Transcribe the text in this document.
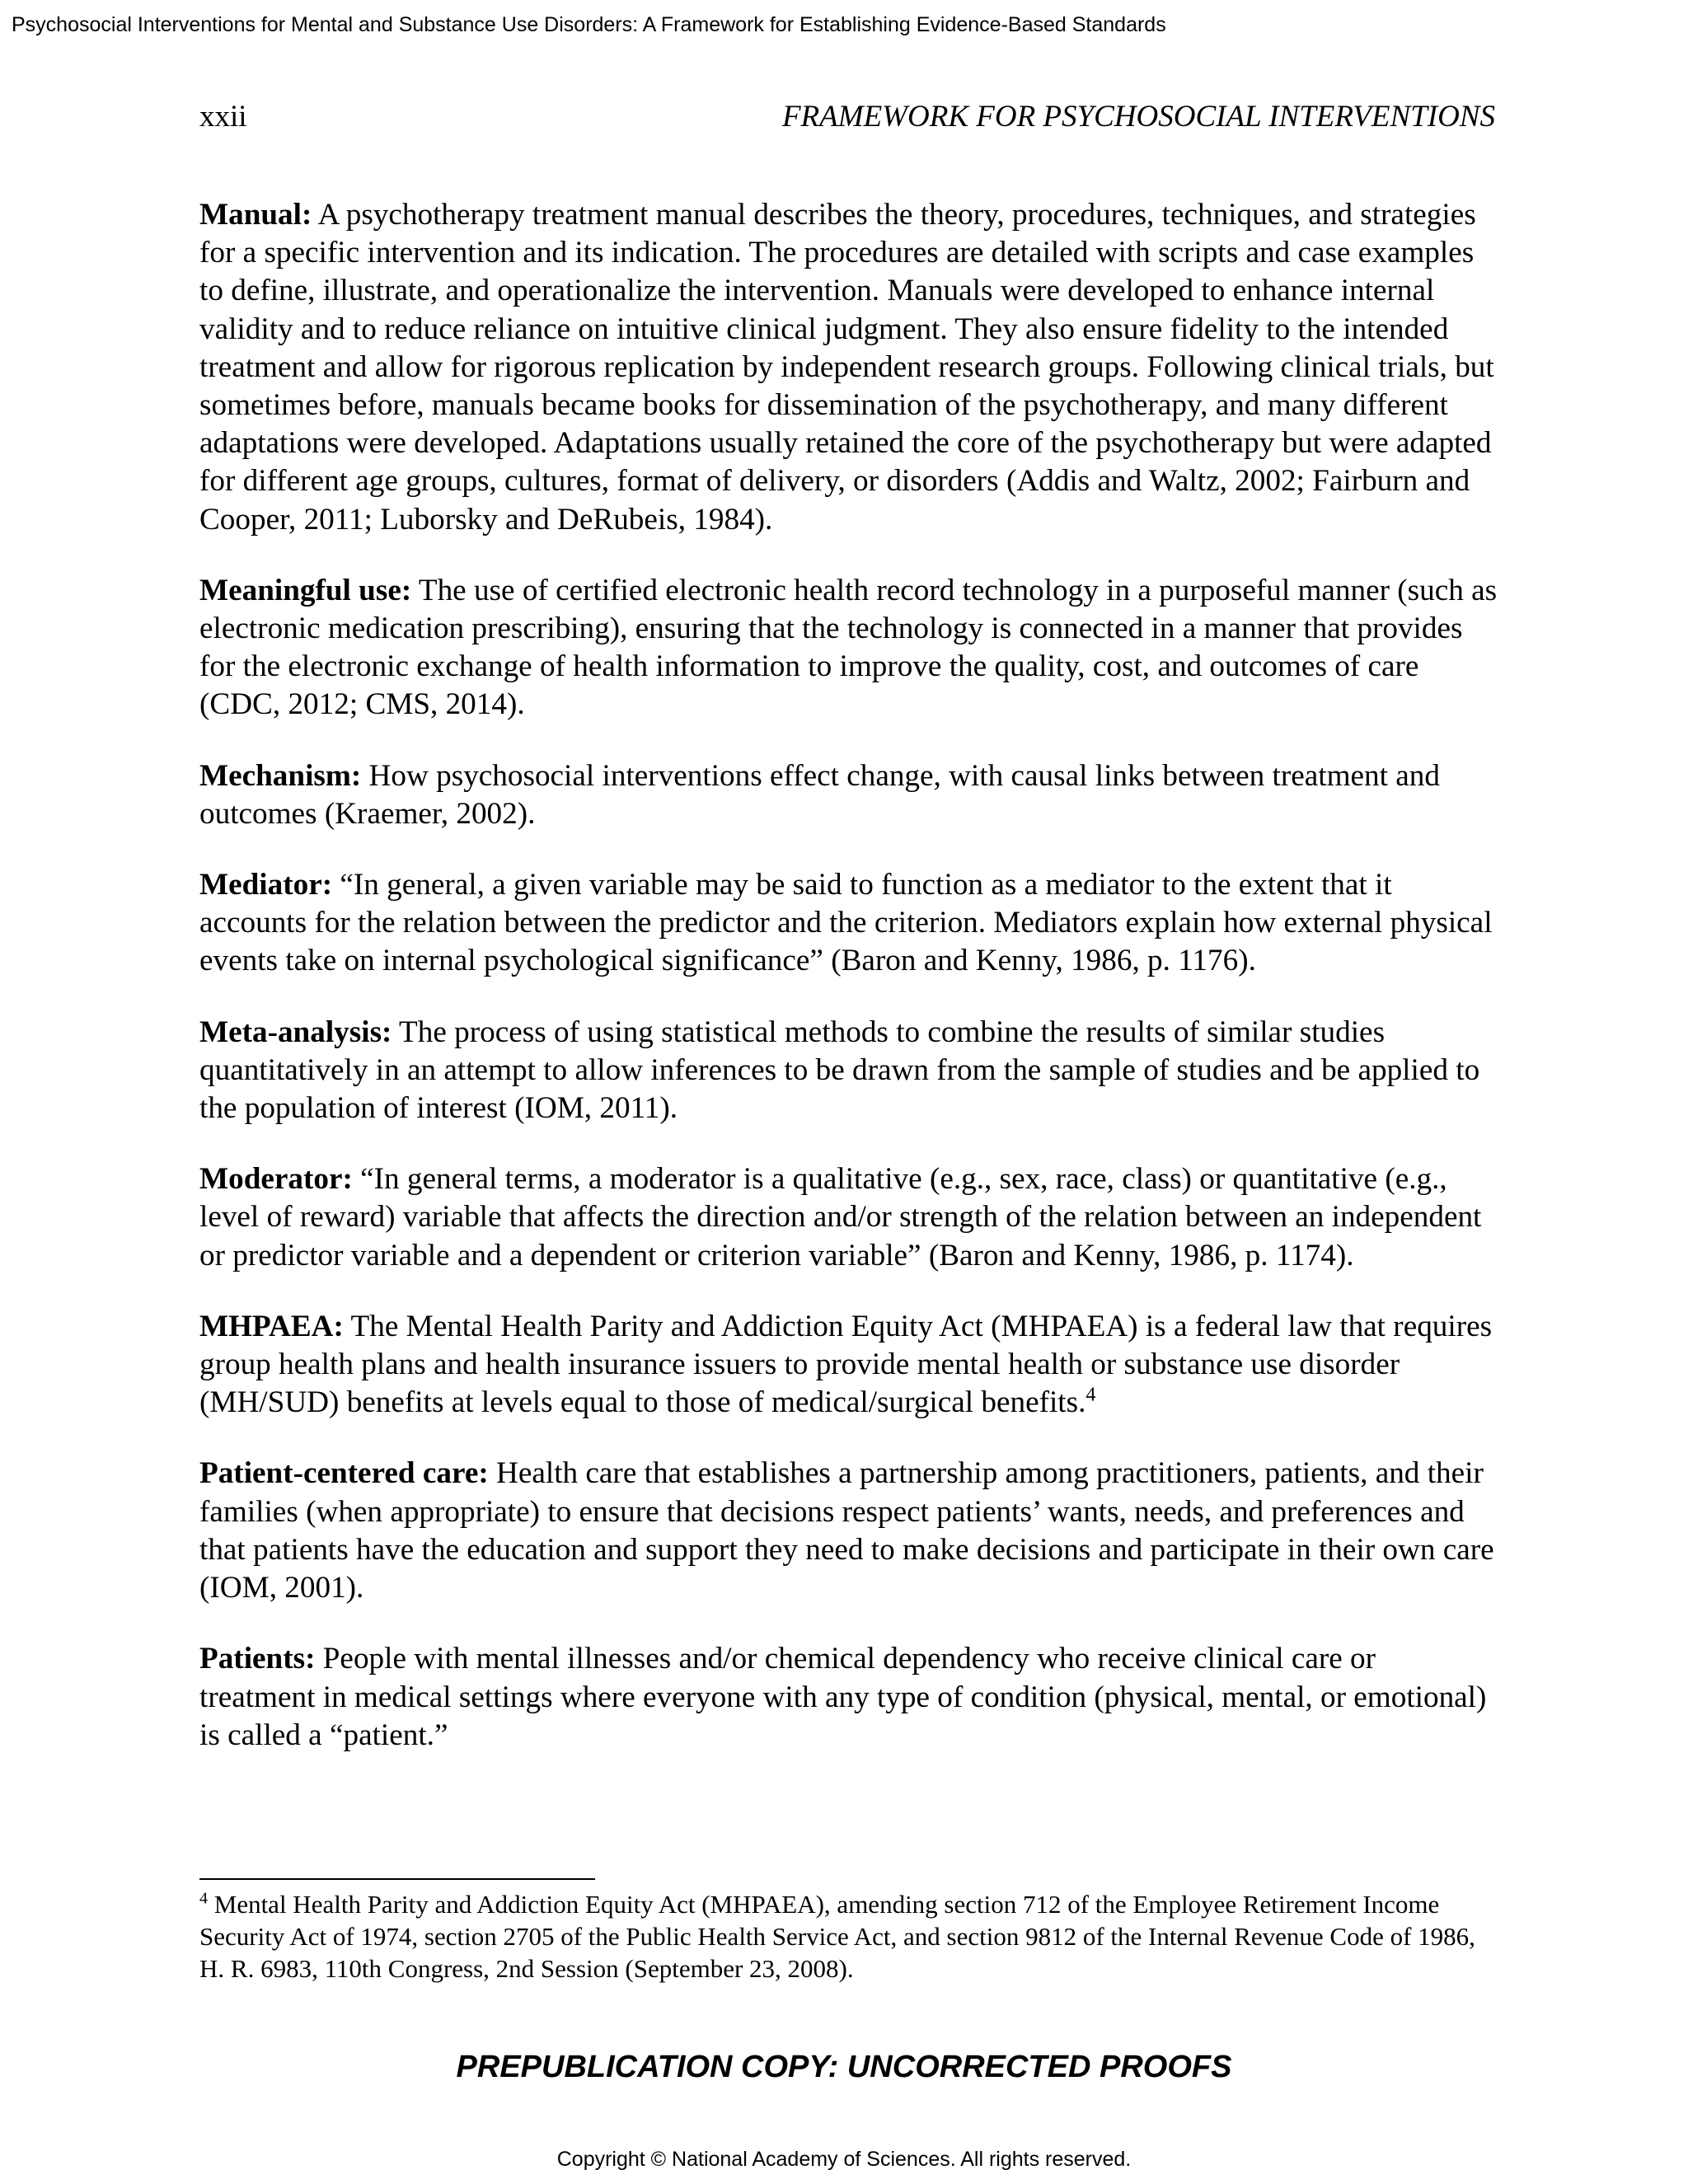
Psychosocial Interventions for Mental and Substance Use Disorders: A Framework for Establishing Evidence-Based Standards
xxii	FRAMEWORK FOR PSYCHOSOCIAL INTERVENTIONS

Manual: A psychotherapy treatment manual describes the theory, procedures, techniques, and strategies for a specific intervention and its indication. The procedures are detailed with scripts and case examples to define, illustrate, and operationalize the intervention. Manuals were developed to enhance internal validity and to reduce reliance on intuitive clinical judgment. They also ensure fidelity to the intended treatment and allow for rigorous replication by independent research groups. Following clinical trials, but sometimes before, manuals became books for dissemination of the psychotherapy, and many different adaptations were developed. Adaptations usually retained the core of the psychotherapy but were adapted for different age groups, cultures, format of delivery, or disorders (Addis and Waltz, 2002; Fairburn and Cooper, 2011; Luborsky and DeRubeis, 1984).

Meaningful use: The use of certified electronic health record technology in a purposeful manner (such as electronic medication prescribing), ensuring that the technology is connected in a manner that provides for the electronic exchange of health information to improve the quality, cost, and outcomes of care (CDC, 2012; CMS, 2014).

Mechanism: How psychosocial interventions effect change, with causal links between treatment and outcomes (Kraemer, 2002).

Mediator: “In general, a given variable may be said to function as a mediator to the extent that it accounts for the relation between the predictor and the criterion. Mediators explain how external physical events take on internal psychological significance” (Baron and Kenny, 1986, p. 1176).

Meta-analysis: The process of using statistical methods to combine the results of similar studies quantitatively in an attempt to allow inferences to be drawn from the sample of studies and be applied to the population of interest (IOM, 2011).

Moderator: “In general terms, a moderator is a qualitative (e.g., sex, race, class) or quantitative (e.g., level of reward) variable that affects the direction and/or strength of the relation between an independent or predictor variable and a dependent or criterion variable” (Baron and Kenny, 1986, p. 1174).

MHPAEA: The Mental Health Parity and Addiction Equity Act (MHPAEA) is a federal law that requires group health plans and health insurance issuers to provide mental health or substance use disorder (MH/SUD) benefits at levels equal to those of medical/surgical benefits.$^4$

Patient-centered care: Health care that establishes a partnership among practitioners, patients, and their families (when appropriate) to ensure that decisions respect patients’ wants, needs, and preferences and that patients have the education and support they need to make decisions and participate in their own care (IOM, 2001).

Patients: People with mental illnesses and/or chemical dependency who receive clinical care or treatment in medical settings where everyone with any type of condition (physical, mental, or emotional) is called a “patient.”

$^4$ Mental Health Parity and Addiction Equity Act (MHPAEA), amending section 712 of the Employee Retirement Income Security Act of 1974, section 2705 of the Public Health Service Act, and section 9812 of the Internal Revenue Code of 1986, H. R. 6983, 110th Congress, 2nd Session (September 23, 2008).
PREPUBLICATION COPY: UNCORRECTED PROOFS
Copyright © National Academy of Sciences. All rights reserved.
